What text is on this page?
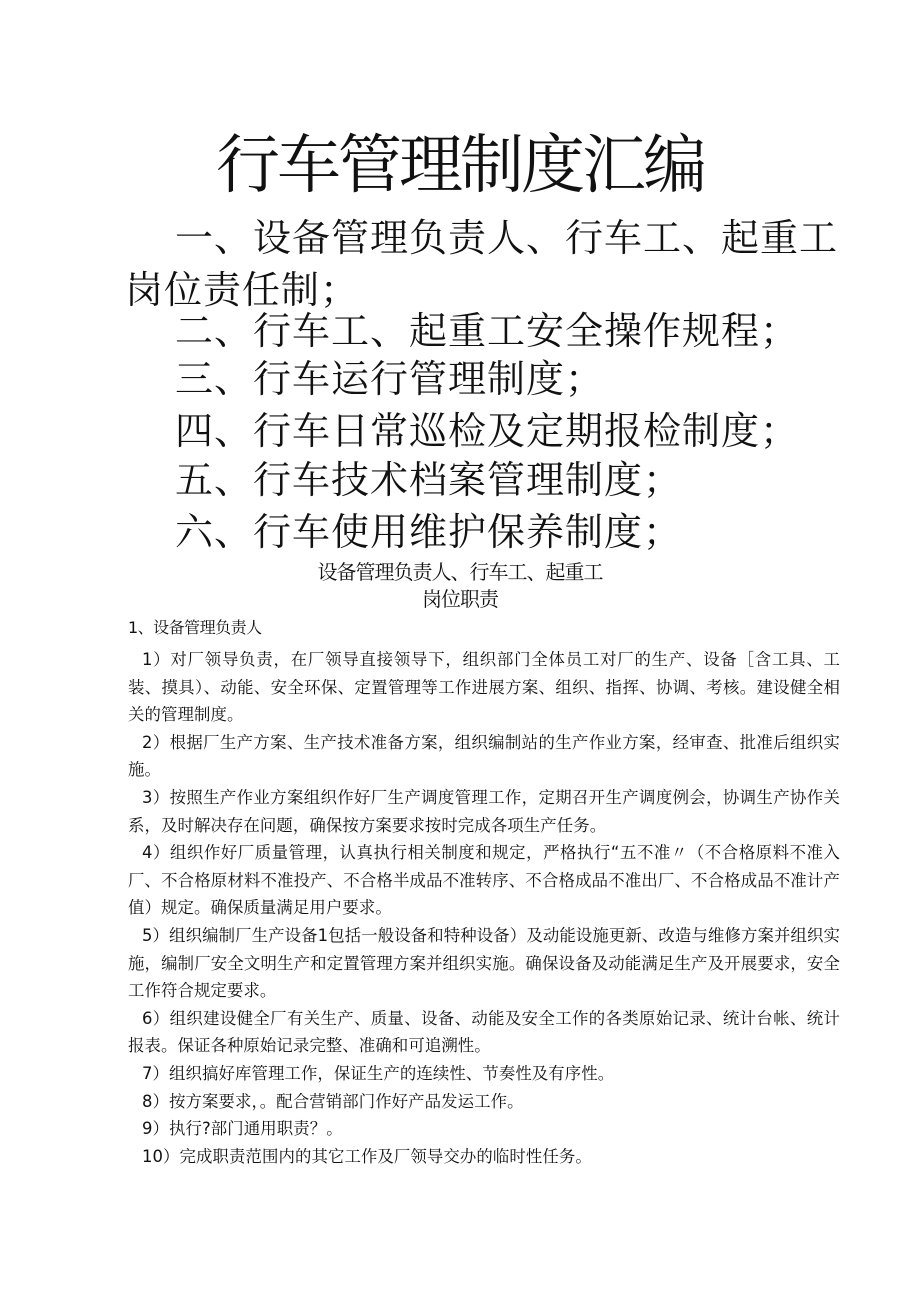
行车管理制度汇编
一、设备管理负责人、行车工、起重工岗位责任制；
二、行车工、起重工安全操作规程；
三、行车运行管理制度；
四、行车日常巡检及定期报检制度；
五、行车技术档案管理制度；
六、行车使用维护保养制度；
设备管理负责人、行车工、起重工
岗位职责
1、设备管理负责人

1）对厂领导负责，在厂领导直接领导下，组织部门全体员工对厂的生产、设备［含工具、工装、摸具）、动能、安全环保、定置管理等工作进展方案、组织、指挥、协调、考核。建设健全相关的管理制度。

2）根据厂生产方案、生产技术准备方案，组织编制站的生产作业方案，经审查、批准后组织实施。

3）按照生产作业方案组织作好厂生产调度管理工作，定期召开生产调度例会，协调生产协作关系，及时解决存在问题，确保按方案要求按时完成各项生产任务。

4）组织作好厂质量管理，认真执行相关制度和规定，严格执行“五不准〃（不合格原料不准入厂、不合格原材料不准投产、不合格半成品不准转序、不合格成品不准出厂、不合格成品不准计产值）规定。确保质量满足用户要求。

5）组织编制厂生产设备1包括一般设备和特种设备）及动能设施更新、改造与维修方案并组织实施，编制厂安全文明生产和定置管理方案并组织实施。确保设备及动能满足生产及开展要求，安全工作符合规定要求。

6）组织建设健全厂有关生产、质量、设备、动能及安全工作的各类原始记录、统计台帐、统计报表。保证各种原始记录完整、准确和可追溯性。

7）组织搞好库管理工作，保证生产的连续性、节奏性及有序性。

8）按方案要求，。配合营销部门作好产品发运工作。

9）执行?部门通用职责？。

10）完成职责范围内的其它工作及厂领导交办的临时性任务。
